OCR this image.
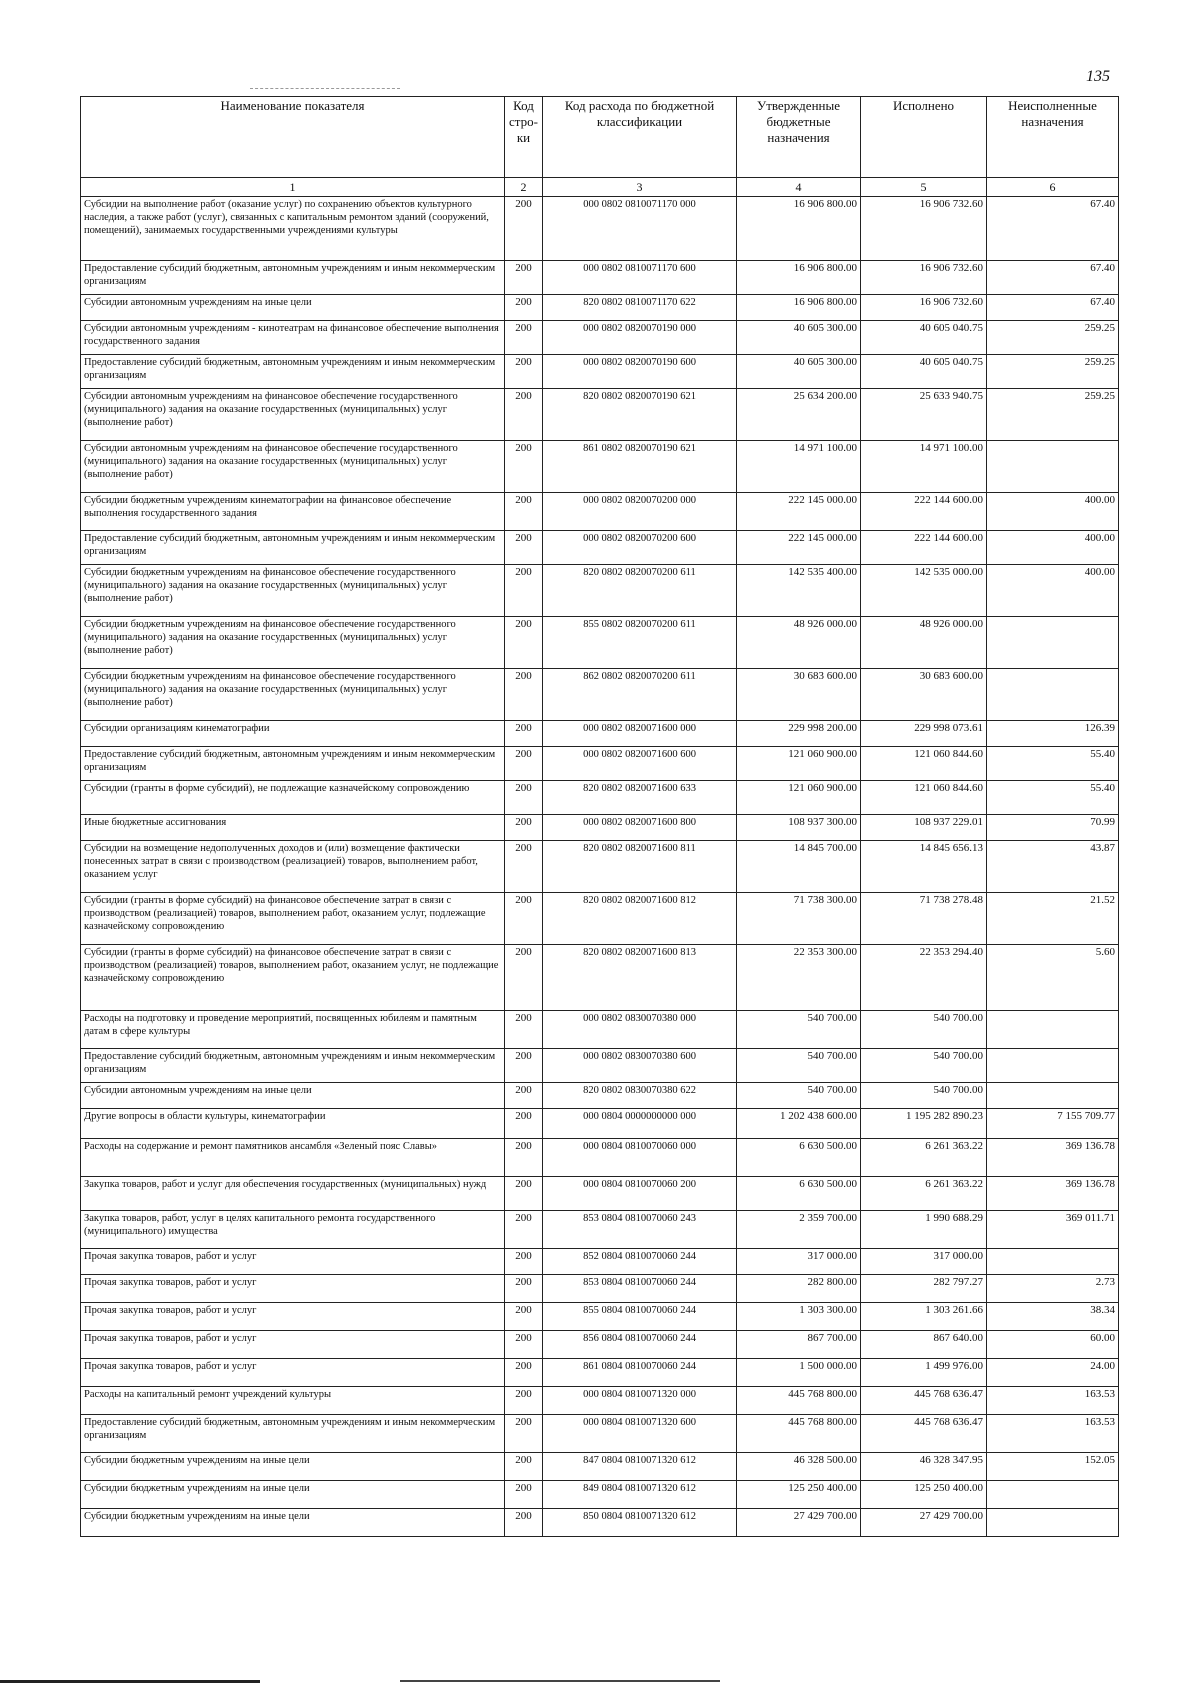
135
Наименование показателя	Код стро-ки	Код расхода по бюджетной классификации	Утвержденные бюджетные назначения	Исполнено	Неисполненные назначения
1	2	3	4	5	6
Субсидии на выполнение работ (оказание услуг) по сохранению объектов культурного наследия, а также работ (услуг), связанных с капитальным ремонтом зданий (сооружений, помещений), занимаемых государственными учреждениями культуры	200	000 0802 0810071170 000	16 906 800.00	16 906 732.60	67.40
Предоставление субсидий бюджетным, автономным учреждениям и иным некоммерческим организациям	200	000 0802 0810071170 600	16 906 800.00	16 906 732.60	67.40
Субсидии автономным учреждениям на иные цели	200	820 0802 0810071170 622	16 906 800.00	16 906 732.60	67.40
Субсидии автономным учреждениям - кинотеатрам на финансовое обеспечение выполнения государственного задания	200	000 0802 0820070190 000	40 605 300.00	40 605 040.75	259.25
Предоставление субсидий бюджетным, автономным учреждениям и иным некоммерческим организациям	200	000 0802 0820070190 600	40 605 300.00	40 605 040.75	259.25
Субсидии автономным учреждениям на финансовое обеспечение государственного (муниципального) задания на оказание государственных (муниципальных) услуг (выполнение работ)	200	820 0802 0820070190 621	25 634 200.00	25 633 940.75	259.25
Субсидии автономным учреждениям на финансовое обеспечение государственного (муниципального) задания на оказание государственных (муниципальных) услуг (выполнение работ)	200	861 0802 0820070190 621	14 971 100.00	14 971 100.00	
Субсидии бюджетным учреждениям кинематографии на финансовое обеспечение выполнения государственного задания	200	000 0802 0820070200 000	222 145 000.00	222 144 600.00	400.00
Предоставление субсидий бюджетным, автономным учреждениям и иным некоммерческим организациям	200	000 0802 0820070200 600	222 145 000.00	222 144 600.00	400.00
Субсидии бюджетным учреждениям на финансовое обеспечение государственного (муниципального) задания на оказание государственных (муниципальных) услуг (выполнение работ)	200	820 0802 0820070200 611	142 535 400.00	142 535 000.00	400.00
Субсидии бюджетным учреждениям на финансовое обеспечение государственного (муниципального) задания на оказание государственных (муниципальных) услуг (выполнение работ)	200	855 0802 0820070200 611	48 926 000.00	48 926 000.00	
Субсидии бюджетным учреждениям на финансовое обеспечение государственного (муниципального) задания на оказание государственных (муниципальных) услуг (выполнение работ)	200	862 0802 0820070200 611	30 683 600.00	30 683 600.00	
Субсидии организациям кинематографии	200	000 0802 0820071600 000	229 998 200.00	229 998 073.61	126.39
Предоставление субсидий бюджетным, автономным учреждениям и иным некоммерческим организациям	200	000 0802 0820071600 600	121 060 900.00	121 060 844.60	55.40
Субсидии (гранты в форме субсидий), не подлежащие казначейскому сопровождению	200	820 0802 0820071600 633	121 060 900.00	121 060 844.60	55.40
Иные бюджетные ассигнования	200	000 0802 0820071600 800	108 937 300.00	108 937 229.01	70.99
Субсидии на возмещение недополученных доходов и (или) возмещение фактически понесенных затрат в связи с производством (реализацией) товаров, выполнением работ, оказанием услуг	200	820 0802 0820071600 811	14 845 700.00	14 845 656.13	43.87
Субсидии (гранты в форме субсидий) на финансовое обеспечение затрат в связи с производством (реализацией) товаров, выполнением работ, оказанием услуг, подлежащие казначейскому сопровождению	200	820 0802 0820071600 812	71 738 300.00	71 738 278.48	21.52
Субсидии (гранты в форме субсидий) на финансовое обеспечение затрат в связи с производством (реализацией) товаров, выполнением работ, оказанием услуг, не подлежащие казначейскому сопровождению	200	820 0802 0820071600 813	22 353 300.00	22 353 294.40	5.60
Расходы на подготовку и проведение мероприятий, посвященных юбилеям и памятным датам в сфере культуры	200	000 0802 0830070380 000	540 700.00	540 700.00	
Предоставление субсидий бюджетным, автономным учреждениям и иным некоммерческим организациям	200	000 0802 0830070380 600	540 700.00	540 700.00	
Субсидии автономным учреждениям на иные цели	200	820 0802 0830070380 622	540 700.00	540 700.00	
Другие вопросы в области культуры, кинематографии	200	000 0804 0000000000 000	1 202 438 600.00	1 195 282 890.23	7 155 709.77
Расходы на содержание и ремонт памятников ансамбля «Зеленый пояс Славы»	200	000 0804 0810070060 000	6 630 500.00	6 261 363.22	369 136.78
Закупка товаров, работ и услуг для обеспечения государственных (муниципальных) нужд	200	000 0804 0810070060 200	6 630 500.00	6 261 363.22	369 136.78
Закупка товаров, работ, услуг в целях капитального ремонта государственного (муниципального) имущества	200	853 0804 0810070060 243	2 359 700.00	1 990 688.29	369 011.71
Прочая закупка товаров, работ и услуг	200	852 0804 0810070060 244	317 000.00	317 000.00	
Прочая закупка товаров, работ и услуг	200	853 0804 0810070060 244	282 800.00	282 797.27	2.73
Прочая закупка товаров, работ и услуг	200	855 0804 0810070060 244	1 303 300.00	1 303 261.66	38.34
Прочая закупка товаров, работ и услуг	200	856 0804 0810070060 244	867 700.00	867 640.00	60.00
Прочая закупка товаров, работ и услуг	200	861 0804 0810070060 244	1 500 000.00	1 499 976.00	24.00
Расходы на капитальный ремонт учреждений культуры	200	000 0804 0810071320 000	445 768 800.00	445 768 636.47	163.53
Предоставление субсидий бюджетным, автономным учреждениям и иным некоммерческим организациям	200	000 0804 0810071320 600	445 768 800.00	445 768 636.47	163.53
Субсидии бюджетным учреждениям на иные цели	200	847 0804 0810071320 612	46 328 500.00	46 328 347.95	152.05
Субсидии бюджетным учреждениям на иные цели	200	849 0804 0810071320 612	125 250 400.00	125 250 400.00	
Субсидии бюджетным учреждениям на иные цели	200	850 0804 0810071320 612	27 429 700.00	27 429 700.00	
